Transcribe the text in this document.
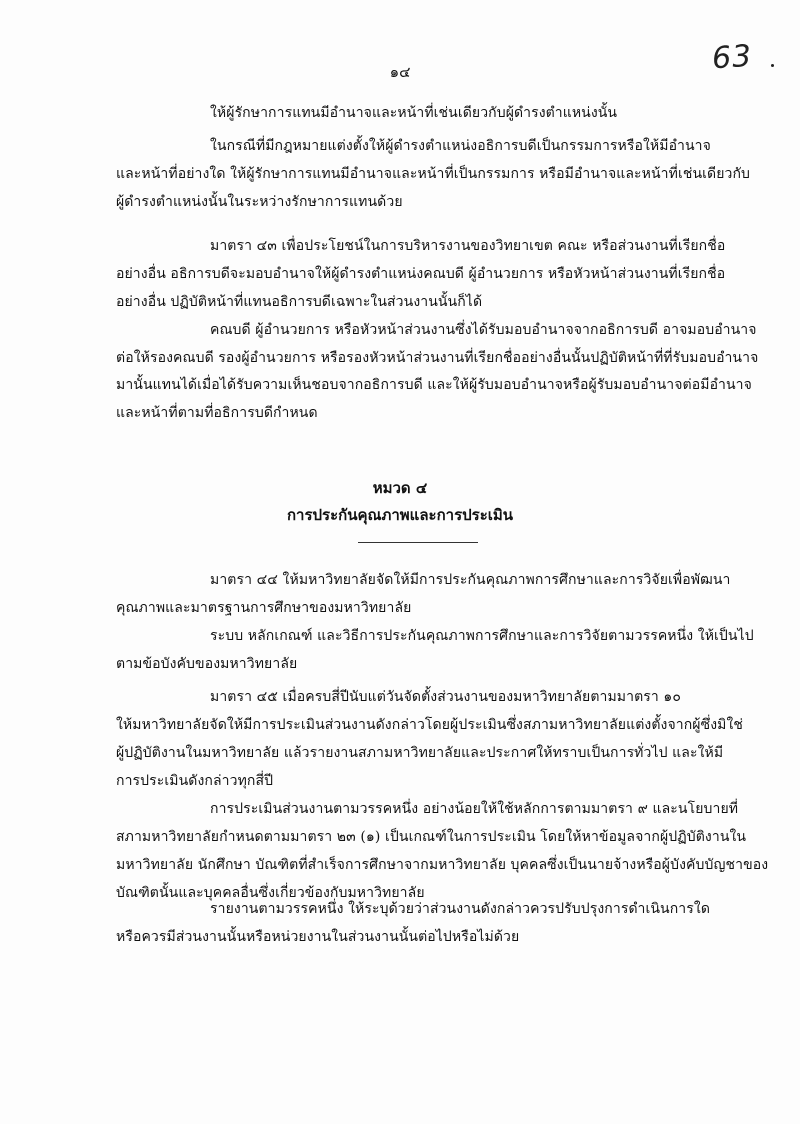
63
๑๔
ให้ผู้รักษาการแทนมีอำนาจและหน้าที่เช่นเดียวกับผู้ดำรงตำแหน่งนั้น
ในกรณีที่มีกฎหมายแต่งตั้งให้ผู้ดำรงตำแหน่งอธิการบดีเป็นกรรมการหรือให้มีอำนาจ
และหน้าที่อย่างใด ให้ผู้รักษาการแทนมีอำนาจและหน้าที่เป็นกรรมการ หรือมีอำนาจและหน้าที่เช่นเดียวกับ
ผู้ดำรงตำแหน่งนั้นในระหว่างรักษาการแทนด้วย
มาตรา ๔๓ เพื่อประโยชน์ในการบริหารงานของวิทยาเขต คณะ หรือส่วนงานที่เรียกชื่อ
อย่างอื่น อธิการบดีจะมอบอำนาจให้ผู้ดำรงตำแหน่งคณบดี ผู้อำนวยการ หรือหัวหน้าส่วนงานที่เรียกชื่อ
อย่างอื่น ปฏิบัติหน้าที่แทนอธิการบดีเฉพาะในส่วนงานนั้นก็ได้
คณบดี ผู้อำนวยการ หรือหัวหน้าส่วนงานซึ่งได้รับมอบอำนาจจากอธิการบดี อาจมอบอำนาจ
ต่อให้รองคณบดี รองผู้อำนวยการ หรือรองหัวหน้าส่วนงานที่เรียกชื่ออย่างอื่นนั้นปฏิบัติหน้าที่ที่รับมอบอำนาจ
มานั้นแทนได้เมื่อได้รับความเห็นชอบจากอธิการบดี และให้ผู้รับมอบอำนาจหรือผู้รับมอบอำนาจต่อมีอำนาจ
และหน้าที่ตามที่อธิการบดีกำหนด
หมวด ๔
การประกันคุณภาพและการประเมิน
มาตรา ๔๔ ให้มหาวิทยาลัยจัดให้มีการประกันคุณภาพการศึกษาและการวิจัยเพื่อพัฒนา
คุณภาพและมาตรฐานการศึกษาของมหาวิทยาลัย
ระบบ หลักเกณฑ์ และวิธีการประกันคุณภาพการศึกษาและการวิจัยตามวรรคหนึ่ง ให้เป็นไป
ตามข้อบังคับของมหาวิทยาลัย
มาตรา ๔๕ เมื่อครบสี่ปีนับแต่วันจัดตั้งส่วนงานของมหาวิทยาลัยตามมาตรา ๑๐
ให้มหาวิทยาลัยจัดให้มีการประเมินส่วนงานดังกล่าวโดยผู้ประเมินซึ่งสภามหาวิทยาลัยแต่งตั้งจากผู้ซึ่งมิใช่
ผู้ปฏิบัติงานในมหาวิทยาลัย แล้วรายงานสภามหาวิทยาลัยและประกาศให้ทราบเป็นการทั่วไป และให้มี
การประเมินดังกล่าวทุกสี่ปี
การประเมินส่วนงานตามวรรคหนึ่ง อย่างน้อยให้ใช้หลักการตามมาตรา ๙ และนโยบายที่
สภามหาวิทยาลัยกำหนดตามมาตรา ๒๓ (๑) เป็นเกณฑ์ในการประเมิน โดยให้หาข้อมูลจากผู้ปฏิบัติงานใน
มหาวิทยาลัย นักศึกษา บัณฑิตที่สำเร็จการศึกษาจากมหาวิทยาลัย บุคคลซึ่งเป็นนายจ้างหรือผู้บังคับบัญชาของ
บัณฑิตนั้นและบุคคลอื่นซึ่งเกี่ยวข้องกับมหาวิทยาลัย
รายงานตามวรรคหนึ่ง ให้ระบุด้วยว่าส่วนงานดังกล่าวควรปรับปรุงการดำเนินการใด
หรือควรมีส่วนงานนั้นหรือหน่วยงานในส่วนงานนั้นต่อไปหรือไม่ด้วย
